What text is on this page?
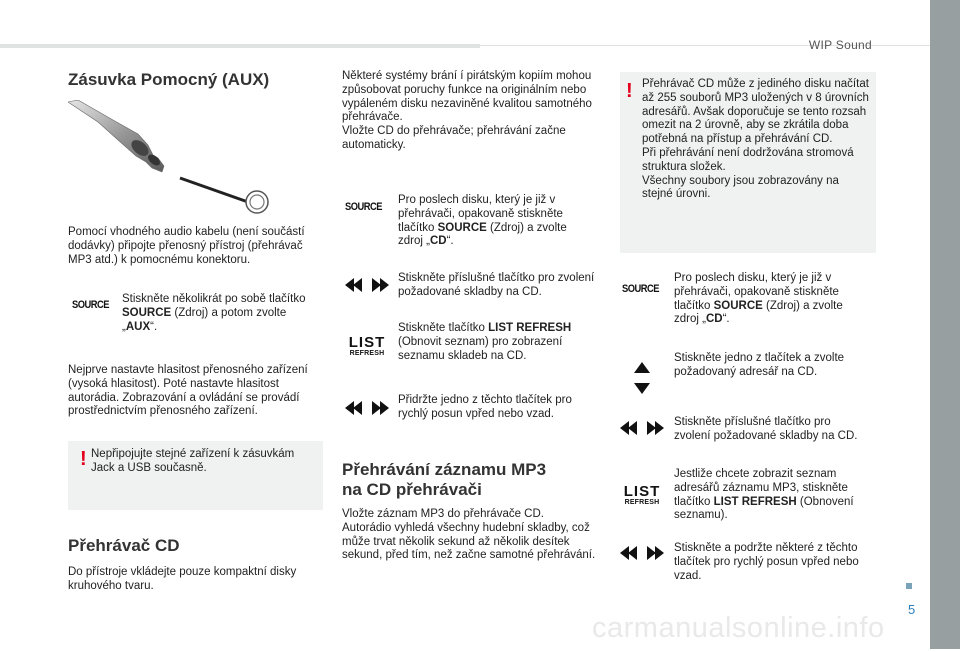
WIP Sound
5
carmanualsonline.info
Zásuvka Pomocný (AUX)
Pomocí vhodného audio kabelu (není součástí dodávky) připojte přenosný přístroj (přehrávač MP3 atd.) k pomocnému konektoru.
SOURCE Stiskněte několikrát po sobě tlačítko
SOURCE (Zdroj) a potom zvolte „AUX“.
Nejprve nastavte hlasitost přenosného zařízení (vysoká hlasitost). Poté nastavte hlasitost autorádia. Zobrazování a ovládání se provádí prostřednictvím přenosného zařízení.
! Nepřipojujte stejné zařízení k zásuvkám Jack a USB současně.
Přehrávač CD
Do přístroje vkládejte pouze kompaktní disky kruhového tvaru.
Některé systémy brání í pirátským kopiím mohou způsobovat poruchy funkce na originálním nebo vypáleném disku nezaviněné kvalitou samotného přehrávače.
Vložte CD do přehrávače; přehrávání začne automaticky.
SOURCE
Pro poslech disku, který je již v přehrávači, opakovaně stiskněte tlačítko SOURCE (Zdroj) a zvolte zdroj „CD“.
Stiskněte příslušné tlačítko pro zvolení požadované skladby na CD.
LIST
REFRESH
Stiskněte tlačítko LIST REFRESH (Obnovit seznam) pro zobrazení seznamu skladeb na CD.
Přidržte jedno z těchto tlačítek pro rychlý posun vpřed nebo vzad.
Přehrávání záznamu MP3
na CD přehrávači
Vložte záznam MP3 do přehrávače CD.
Autorádio vyhledá všechny hudební skladby, což může trvat několik sekund až několik desítek sekund, před tím, než začne samotné přehrávání.
! Přehrávač CD může z jediného disku načítat až 255 souborů MP3 uložených v 8 úrovních adresářů. Avšak doporučuje se tento rozsah omezit na 2 úrovně, aby se zkrátila doba potřebná na přístup a přehrávání CD.
Při přehrávání není dodržována stromová struktura složek.
Všechny soubory jsou zobrazovány na stejné úrovni.
SOURCE
Pro poslech disku, který je již v přehrávači, opakovaně stiskněte tlačítko SOURCE (Zdroj) a zvolte zdroj „CD“.
Stiskněte jedno z tlačítek a zvolte požadovaný adresář na CD.
Stiskněte příslušné tlačítko pro zvolení požadované skladby na CD.
LIST
REFRESH
Jestliže chcete zobrazit seznam adresářů záznamu MP3, stiskněte tlačítko LIST REFRESH (Obnovení seznamu).
Stiskněte a podržte některé z těchto tlačítek pro rychlý posun vpřed nebo vzad.
